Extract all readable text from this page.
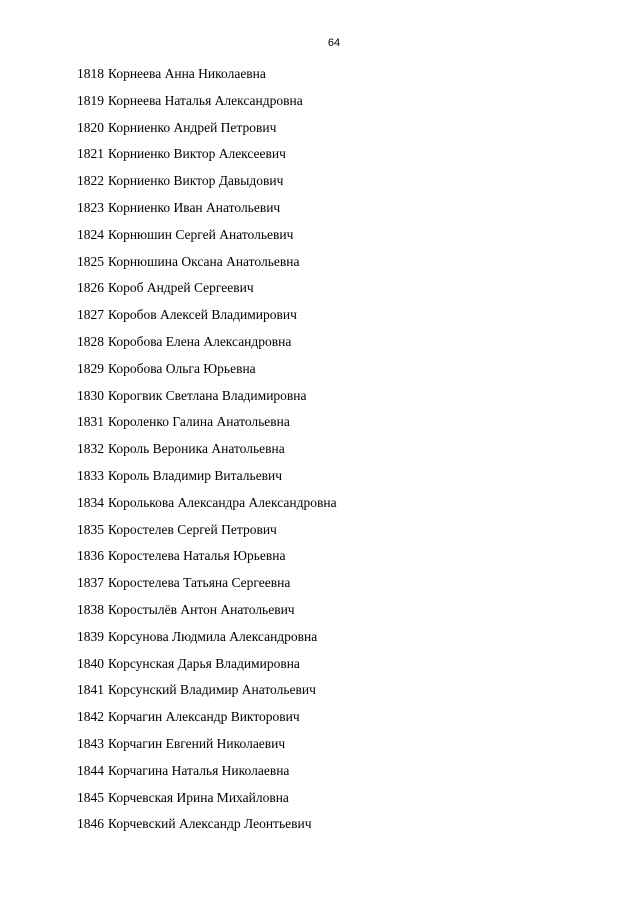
64
1818 Корнеева Анна Николаевна
1819 Корнеева Наталья Александровна
1820 Корниенко Андрей Петрович
1821 Корниенко Виктор Алексеевич
1822 Корниенко Виктор Давыдович
1823 Корниенко Иван Анатольевич
1824 Корнюшин Сергей Анатольевич
1825 Корнюшина Оксана Анатольевна
1826 Короб Андрей Сергеевич
1827 Коробов Алексей Владимирович
1828 Коробова Елена Александровна
1829 Коробова Ольга Юрьевна
1830 Корогвик Светлана Владимировна
1831 Короленко Галина Анатольевна
1832 Король Вероника Анатольевна
1833 Король Владимир Витальевич
1834 Королькова Александра Александровна
1835 Коростелев Сергей Петрович
1836 Коростелева Наталья Юрьевна
1837 Коростелева Татьяна Сергеевна
1838 Коростылёв Антон Анатольевич
1839 Корсунова Людмила Александровна
1840 Корсунская Дарья Владимировна
1841 Корсунский Владимир Анатольевич
1842 Корчагин Александр Викторович
1843 Корчагин Евгений Николаевич
1844 Корчагина Наталья Николаевна
1845 Корчевская Ирина Михайловна
1846 Корчевский Александр Леонтьевич
